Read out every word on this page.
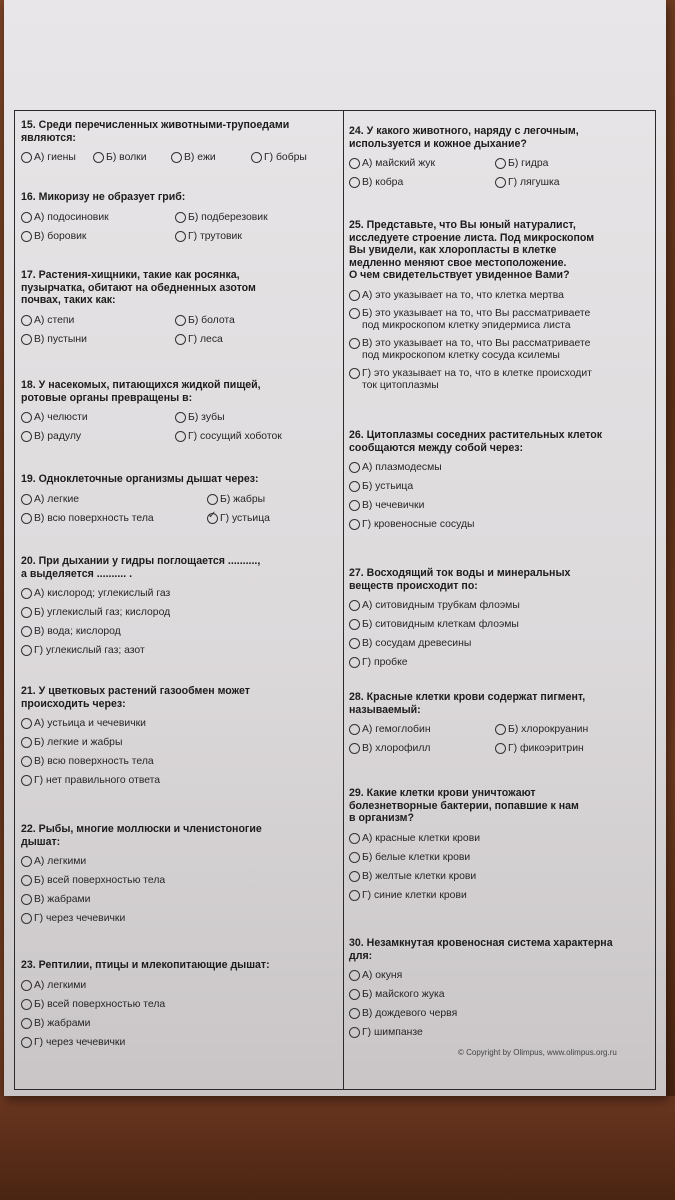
15. Среди перечисленных животными-трупоедами
являются:
А) гиены	Б) волки	В) ежи	Г) бобры
16. Микоризу не образует гриб:
А) подосиновик	Б) подберезовик
В) боровик	Г) трутовик
17. Растения-хищники, такие как росянка,
пузырчатка, обитают на обедненных азотом
почвах, таких как:
А) степи	Б) болота
В) пустыни	Г) леса
18. У насекомых, питающихся жидкой пищей,
ротовые органы превращены в:
А) челюсти	Б) зубы
В) радулу	Г) сосущий хоботок
19. Одноклеточные организмы дышат через:
А) легкие	Б) жабры
В) всю поверхность тела
✓	Г) устьица
20. При дыхании у гидры поглощается ..........,
а выделяется .......... .
А) кислород; углекислый газ
Б) углекислый газ; кислород
В) вода; кислород
Г) углекислый газ; азот
21. У цветковых растений газообмен может
происходить через:
А) устьица и чечевички
Б) легкие и жабры
В) всю поверхность тела
Г) нет правильного ответа
22. Рыбы, многие моллюски и членистоногие
дышат:
А) легкими
Б) всей поверхностью тела
В) жабрами
Г) через чечевички
23. Рептилии, птицы и млекопитающие дышат:
А) легкими
Б) всей поверхностью тела
В) жабрами
Г) через чечевички
24. У какого животного, наряду с легочным,
используется и кожное дыхание?
А) майский жук	Б) гидра
В) кобра	Г) лягушка
25. Представьте, что Вы юный натуралист,
исследуете строение листа. Под микроскопом
Вы увидели, как хлоропласты в клетке
медленно меняют свое местоположение.
О чем свидетельствует увиденное Вами?
А) это указывает на то, что клетка мертва
Б) это указывает на то, что Вы рассматриваете
под микроскопом клетку эпидермиса листа
В) это указывает на то, что Вы рассматриваете
под микроскопом клетку сосуда ксилемы
Г) это указывает на то, что в клетке происходит
ток цитоплазмы
26. Цитоплазмы соседних растительных клеток
сообщаются между собой через:
А) плазмодесмы
Б) устьица
В) чечевички
Г) кровеносные сосуды
27. Восходящий ток воды и минеральных
веществ происходит по:
А) ситовидным трубкам флоэмы
Б) ситовидным клеткам флоэмы
В) сосудам древесины
Г) пробке
28. Красные клетки крови содержат пигмент,
называемый:
А) гемоглобин	Б) хлорокруанин
В) хлорофилл	Г) фикоэритрин
29. Какие клетки крови уничтожают
болезнетворные бактерии, попавшие к нам
в организм?
А) красные клетки крови
Б) белые клетки крови
В) желтые клетки крови
Г) синие клетки крови
30. Незамкнутая кровеносная система характерна
для:
А) окуня
Б) майского жука
В) дождевого червя
Г) шимпанзе
© Copyright by Olimpus, www.olimpus.org.ru
